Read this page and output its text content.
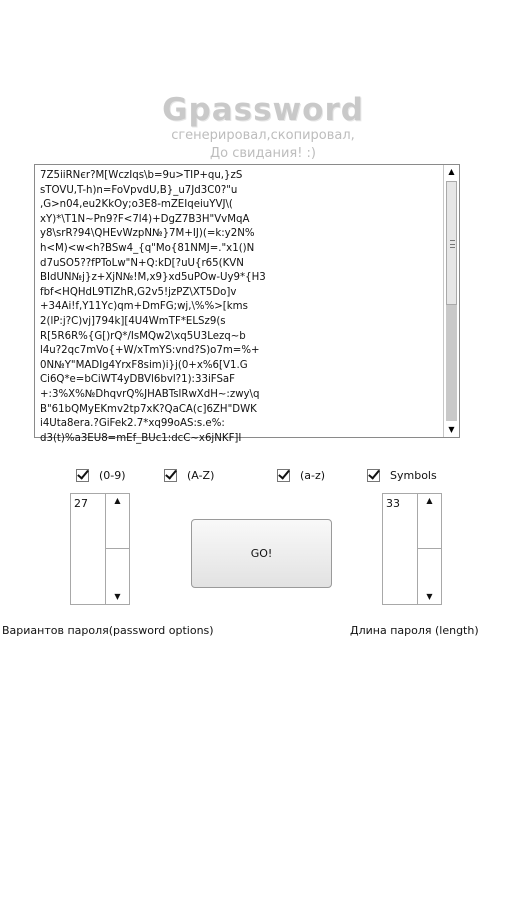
Gpassword
сгенерировал,скопировал,
До свидания! :)
7Z5iiRNєr?M[WczIqs\b=9u>TIP+qu,}zS
sTOVU,T-h)n=FoVpvdU,B}_u7Jd3C0?"u
,G>n04,eu2KkOy;o3E8-mZEIqeiuYVJ\(
xY)*\T1N~Pn9?F<7l4)+DgZ7B3H"VvMqA
y8\srR?94\QHEvWzpN№}7M+IJ)(=k:y2N%
h<M)<w<h?BSw4_{q"Mo{81NMJ=."x1()N
d7uSO5??fPToLw"N+Q:kD[?uU{r65(KVN
BIdUN№j}z+XjN№!M,x9}xd5uPOw-Uy9*{H3
fbf<HQHdL9TIZhR,G2v5!jzPZ\XT5Do]v
+34Ai!f,Y11Yc)qm+DmFG;wj,\%%>[kms
2(lP:j?C)vj]794k][4U4WmTF*ELSz9(s
R[5R6R%{G[)rQ*/IsMQw2\xq5U3Lezq~b
l4u?2qc7mVo{+W/xTmYS:vnd?S)o7m=%+
0N№Y"MADIg4YrxF8sim)i}j(0+x%6[V1.G
Ci6Q*e=bCiWT4yDBVl6bvl?1):33iFSaF
+:3%X%№DhqvrQ%JHABTslRwXdH~:zwy\q
B"61bQMyEKmv2tp7xK?QaCA(c]6ZH"DWK
i4Uta8era.?GiFek2.7*xq99oAS:s.e%:
d3(t)%a3EU8=mEf_BUc1:dcC~x6jNKF]I
▲
▼
(0-9)	(A-Z)	(a-z)	Symbols
27	▲
▼
GO!
33	▲
▼
Вариантов пароля(password options)	Длина пароля (length)
